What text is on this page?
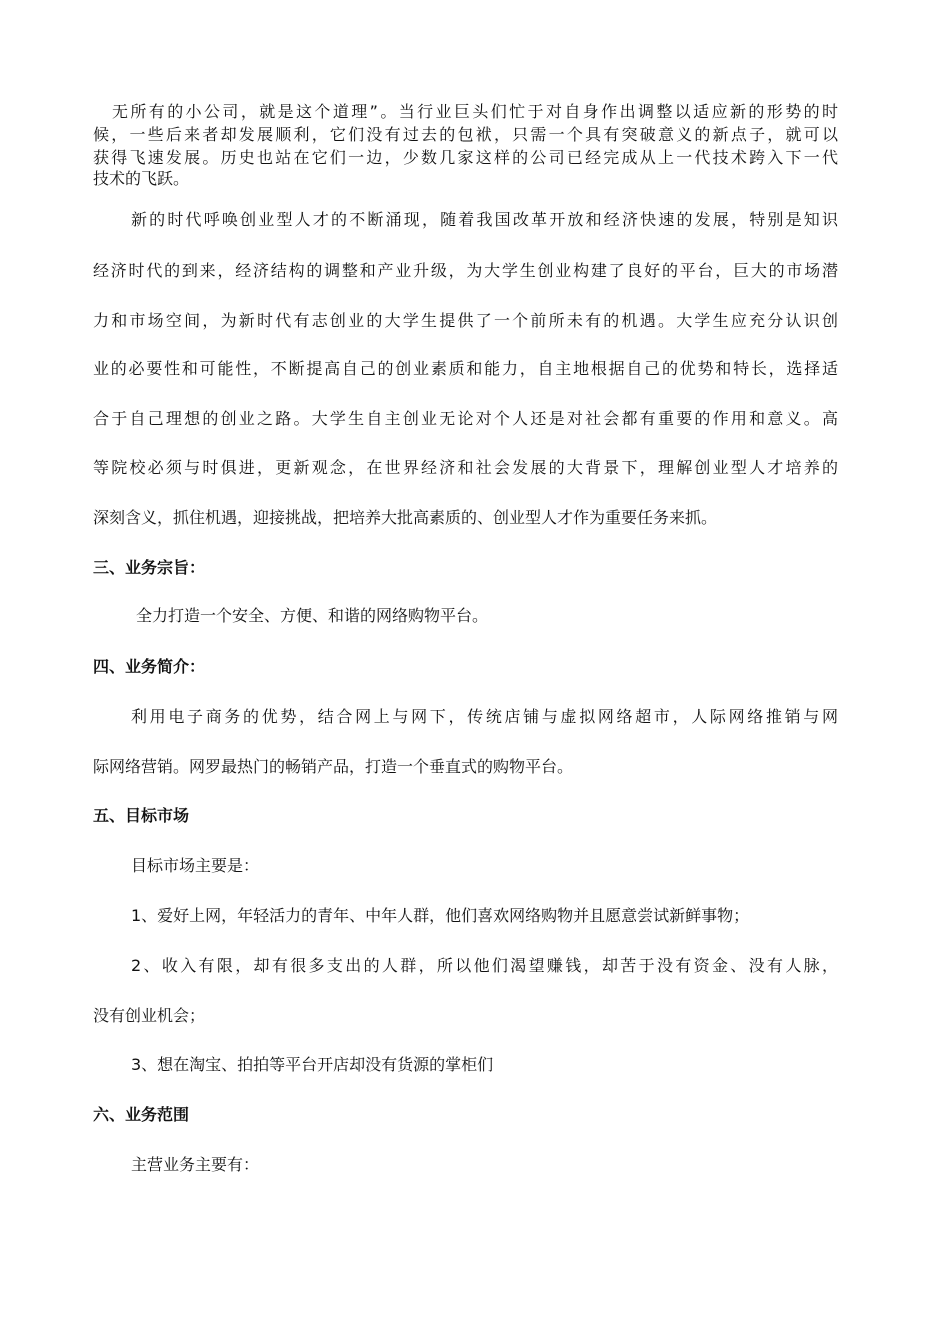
无所有的小公司，就是这个道理”。当行业巨头们忙于对自身作出调整以适应新的形势的时
候，一些后来者却发展顺利，它们没有过去的包袱，只需一个具有突破意义的新点子，就可以
获得飞速发展。历史也站在它们一边，少数几家这样的公司已经完成从上一代技术跨入下一代
技术的飞跃。
新的时代呼唤创业型人才的不断涌现，随着我国改革开放和经济快速的发展，特别是知识
经济时代的到来，经济结构的调整和产业升级，为大学生创业构建了良好的平台，巨大的市场潜
力和市场空间，为新时代有志创业的大学生提供了一个前所未有的机遇。大学生应充分认识创
业的必要性和可能性，不断提高自己的创业素质和能力，自主地根据自己的优势和特长，选择适
合于自己理想的创业之路。大学生自主创业无论对个人还是对社会都有重要的作用和意义。高
等院校必须与时俱进，更新观念，在世界经济和社会发展的大背景下，理解创业型人才培养的
深刻含义，抓住机遇，迎接挑战，把培养大批高素质的、创业型人才作为重要任务来抓。
三、业务宗旨：
全力打造一个安全、方便、和谐的网络购物平台。
四、业务简介：
利用电子商务的优势，结合网上与网下，传统店铺与虚拟网络超市，人际网络推销与网
际网络营销。网罗最热门的畅销产品，打造一个垂直式的购物平台。
五、目标市场
目标市场主要是：
1、爱好上网，年轻活力的青年、中年人群，他们喜欢网络购物并且愿意尝试新鲜事物；
2、收入有限，却有很多支出的人群，所以他们渴望赚钱，却苦于没有资金、没有人脉，
没有创业机会；
3、想在淘宝、拍拍等平台开店却没有货源的掌柜们
六、业务范围
主营业务主要有：
